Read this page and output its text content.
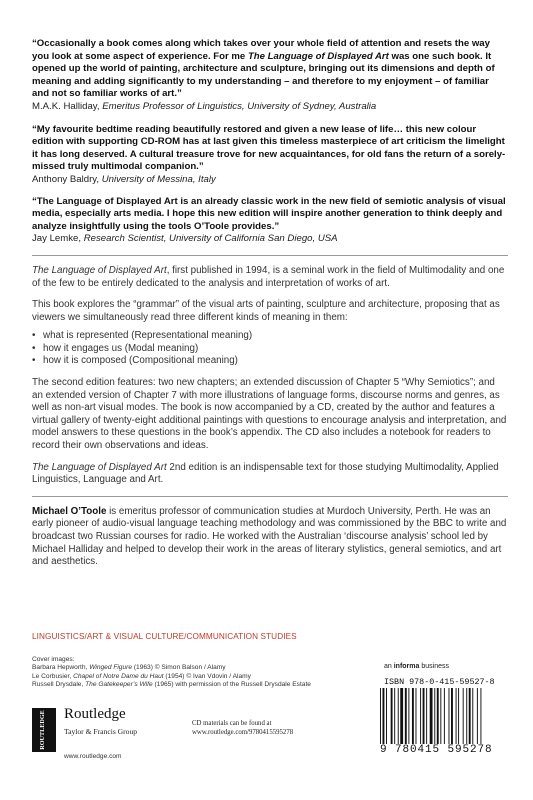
“Occasionally a book comes along which takes over your whole field of attention and resets the way you look at some aspect of experience. For me The Language of Displayed Art was one such book. It opened up the world of painting, architecture and sculpture, bringing out its dimensions and depth of meaning and adding significantly to my understanding – and therefore to my enjoyment – of familiar and not so familiar works of art.”
M.A.K. Halliday, Emeritus Professor of Linguistics, University of Sydney, Australia
“My favourite bedtime reading beautifully restored and given a new lease of life… this new colour edition with supporting CD-ROM has at last given this timeless masterpiece of art criticism the limelight it has long deserved. A cultural treasure trove for new acquaintances, for old fans the return of a sorely-missed truly multimodal companion.”
Anthony Baldry, University of Messina, Italy
“The Language of Displayed Art is an already classic work in the new field of semiotic analysis of visual media, especially arts media. I hope this new edition will inspire another generation to think deeply and analyze insightfully using the tools O’Toole provides.”
Jay Lemke, Research Scientist, University of California San Diego, USA

The Language of Displayed Art, first published in 1994, is a seminal work in the field of Multimodality and one of the few to be entirely dedicated to the analysis and interpretation of works of art.

This book explores the “grammar” of the visual arts of painting, sculpture and architecture, proposing that as viewers we simultaneously read three different kinds of meaning in them:

• what is represented (Representational meaning)
• how it engages us (Modal meaning)
• how it is composed (Compositional meaning)

The second edition features: two new chapters; an extended discussion of Chapter 5 “Why Semiotics”; and an extended version of Chapter 7 with more illustrations of language forms, discourse norms and genres, as well as non-art visual modes. The book is now accompanied by a CD, created by the author and features a virtual gallery of twenty-eight additional paintings with questions to encourage analysis and interpretation, and model answers to these questions in the book’s appendix. The CD also includes a notebook for readers to record their own observations and ideas.

The Language of Displayed Art 2nd edition is an indispensable text for those studying Multimodality, Applied Linguistics, Language and Art.

Michael O’Toole is emeritus professor of communication studies at Murdoch University, Perth. He was an early pioneer of audio-visual language teaching methodology and was commissioned by the BBC to write and broadcast two Russian courses for radio. He worked with the Australian ‘discourse analysis’ school led by Michael Halliday and helped to develop their work in the areas of literary stylistics, general semiotics, and art and aesthetics.

LINGUISTICS/ART & VISUAL CULTURE/COMMUNICATION STUDIES
Cover images:
Barbara Hepworth, Winged Figure (1963) © Simon Balson / Alamy
Le Corbusier, Chapel of Notre Dame du Haut (1954) © Ivan Vdovin / Alamy
Russell Drysdale, The Gatekeeper’s Wife (1965) with permission of the Russell Drysdale Estate
an informa business
ISBN 978-0-415-59527-8
9 780415 595278
ROUTLEDGE Routledge
Taylor & Francis Group
www.routledge.com
CD materials can be found at
www.routledge.com/9780415595278
